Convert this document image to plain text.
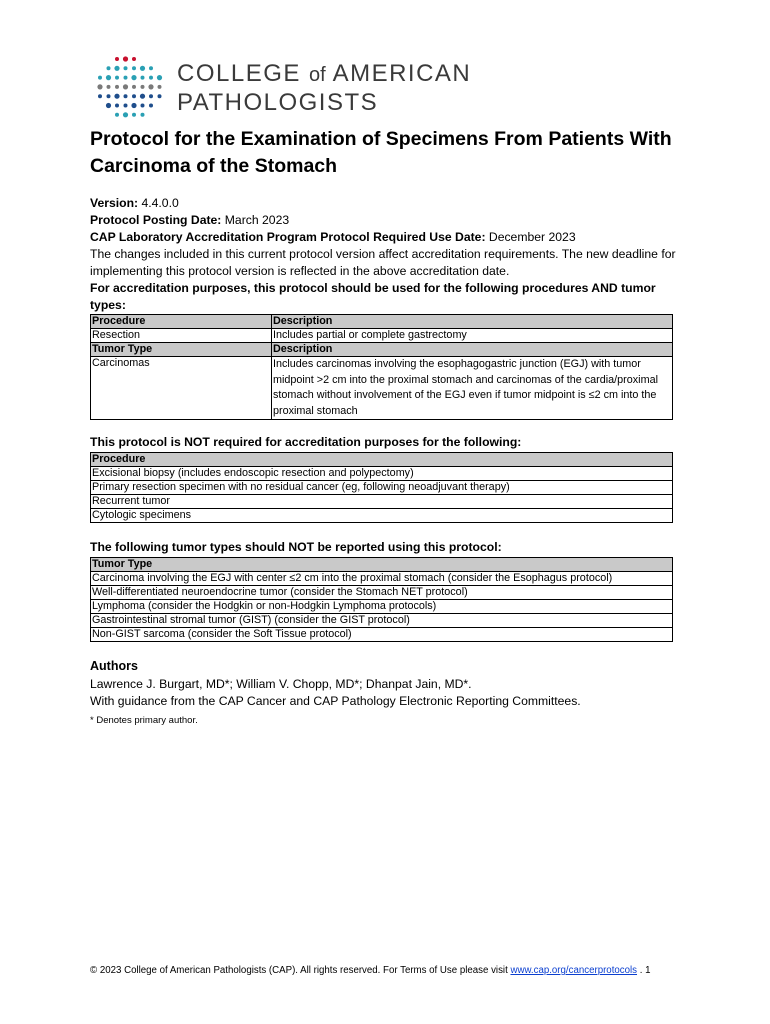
COLLEGE of AMERICAN
PATHOLOGISTS
Protocol for the Examination of Specimens From Patients With Carcinoma of the Stomach

Version: 4.4.0.0

Protocol Posting Date: March 2023

CAP Laboratory Accreditation Program Protocol Required Use Date: December 2023

The changes included in this current protocol version affect accreditation requirements. The new deadline for implementing this protocol version is reflected in the above accreditation date.

For accreditation purposes, this protocol should be used for the following procedures AND tumor types:

Procedure	Description
Resection	Includes partial or complete gastrectomy
Tumor Type	Description
Carcinomas	Includes carcinomas involving the esophagogastric junction (EGJ) with tumor midpoint >2 cm into the proximal stomach and carcinomas of the cardia/proximal stomach without involvement of the EGJ even if tumor midpoint is ≤2 cm into the proximal stomach

This protocol is NOT required for accreditation purposes for the following:

Procedure
Excisional biopsy (includes endoscopic resection and polypectomy)
Primary resection specimen with no residual cancer (eg, following neoadjuvant therapy)
Recurrent tumor
Cytologic specimens

The following tumor types should NOT be reported using this protocol:

Tumor Type
Carcinoma involving the EGJ with center ≤2 cm into the proximal stomach (consider the Esophagus protocol)
Well-differentiated neuroendocrine tumor (consider the Stomach NET protocol)
Lymphoma (consider the Hodgkin or non-Hodgkin Lymphoma protocols)
Gastrointestinal stromal tumor (GIST) (consider the GIST protocol)
Non-GIST sarcoma (consider the Soft Tissue protocol)
Authors

Lawrence J. Burgart, MD*; William V. Chopp, MD*; Dhanpat Jain, MD*.

With guidance from the CAP Cancer and CAP Pathology Electronic Reporting Committees.

* Denotes primary author.

© 2023 College of American Pathologists (CAP). All rights reserved. For Terms of Use please visit www.cap.org/cancerprotocols . 1
